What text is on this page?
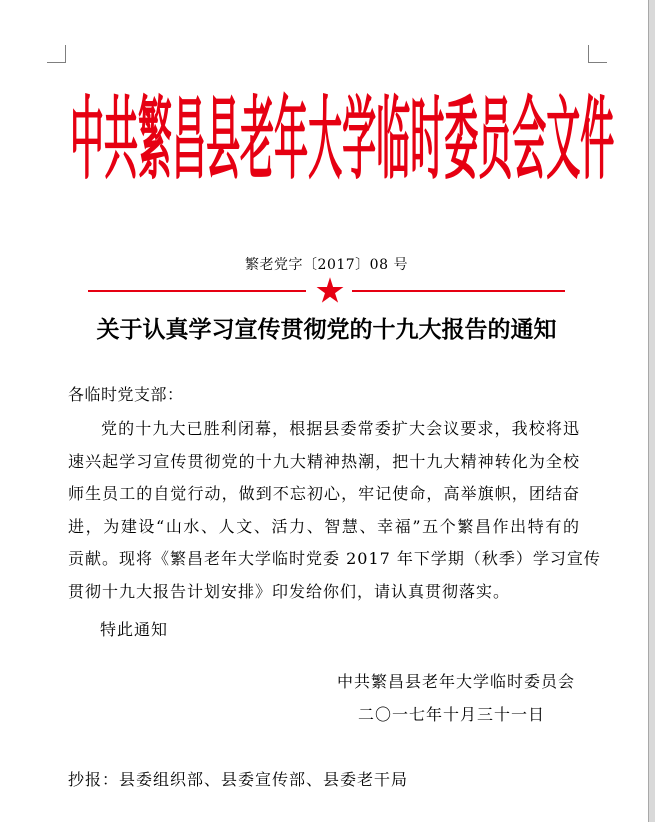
中共繁昌县老年大学临时委员会文件
繁老党字〔2017〕08 号
关于认真学习宣传贯彻党的十九大报告的通知
各临时党支部：
党的十九大已胜利闭幕，根据县委常委扩大会议要求，我校将迅
速兴起学习宣传贯彻党的十九大精神热潮，把十九大精神转化为全校
师生员工的自觉行动，做到不忘初心，牢记使命，高举旗帜，团结奋
进，为建设“山水、人文、活力、智慧、幸福”五个繁昌作出特有的
贡献。现将《繁昌老年大学临时党委 2017 年下学期（秋季）学习宣传
贯彻十九大报告计划安排》印发给你们，请认真贯彻落实。
特此通知
中共繁昌县老年大学临时委员会
二〇一七年十月三十一日
抄报：县委组织部、县委宣传部、县委老干局
